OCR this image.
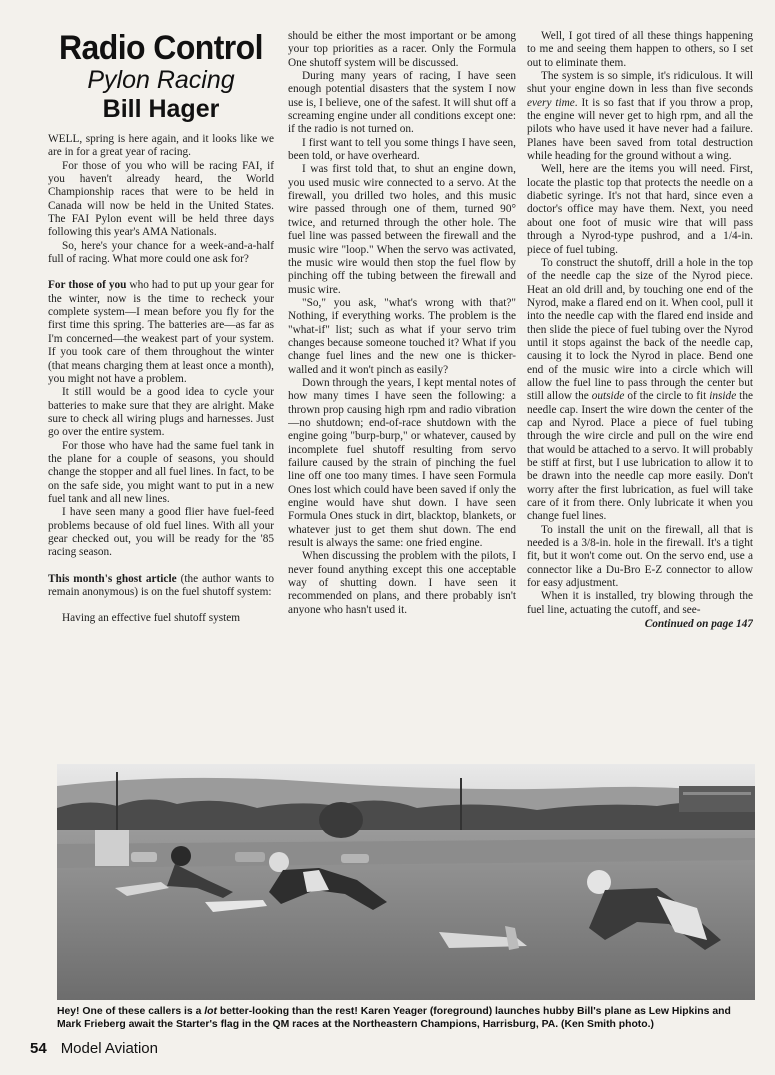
Radio Control
Pylon Racing
Bill Hager

WELL, spring is here again, and it looks like we are in for a great year of racing.

For those of you who will be racing FAI, if you haven't already heard, the World Championship races that were to be held in Canada will now be held in the United States. The FAI Pylon event will be held three days following this year's AMA Nationals.

So, here's your chance for a week-and-a-half full of racing. What more could one ask for?

For those of you who had to put up your gear for the winter, now is the time to recheck your complete system—I mean before you fly for the first time this spring. The batteries are—as far as I'm concerned—the weakest part of your system. If you took care of them throughout the winter (that means charging them at least once a month), you might not have a problem.

It still would be a good idea to cycle your batteries to make sure that they are alright. Make sure to check all wiring plugs and harnesses. Just go over the entire system.

For those who have had the same fuel tank in the plane for a couple of seasons, you should change the stopper and all fuel lines. In fact, to be on the safe side, you might want to put in a new fuel tank and all new lines.

I have seen many a good flier have fuel-feed problems because of old fuel lines. With all your gear checked out, you will be ready for the '85 racing season.

This month's ghost article (the author wants to remain anonymous) is on the fuel shutoff system:

Having an effective fuel shutoff system

should be either the most important or be among your top priorities as a racer. Only the Formula One shutoff system will be discussed.

During many years of racing, I have seen enough potential disasters that the system I now use is, I believe, one of the safest. It will shut off a screaming engine under all conditions except one: if the radio is not turned on.

I first want to tell you some things I have seen, been told, or have overheard.

I was first told that, to shut an engine down, you used music wire connected to a servo. At the firewall, you drilled two holes, and this music wire passed through one of them, turned 90° twice, and returned through the other hole. The fuel line was passed between the firewall and the music wire "loop." When the servo was activated, the music wire would then stop the fuel flow by pinching off the tubing between the firewall and music wire.

"So," you ask, "what's wrong with that?" Nothing, if everything works. The problem is the "what-if" list; such as what if your servo trim changes because someone touched it? What if you change fuel lines and the new one is thicker-walled and it won't pinch as easily?

Down through the years, I kept mental notes of how many times I have seen the following: a thrown prop causing high rpm and radio vibration—no shutdown; end-of-race shutdown with the engine going "burp-burp," or whatever, caused by incomplete fuel shutoff resulting from servo failure caused by the strain of pinching the fuel line off one too many times. I have seen Formula Ones lost which could have been saved if only the engine would have shut down. I have seen Formula Ones stuck in dirt, blacktop, blankets, or whatever just to get them shut down. The end result is always the same: one fried engine.

When discussing the problem with the pilots, I never found anything except this one acceptable way of shutting down. I have seen it recommended on plans, and there probably isn't anyone who hasn't used it.

Well, I got tired of all these things happening to me and seeing them happen to others, so I set out to eliminate them.

The system is so simple, it's ridiculous. It will shut your engine down in less than five seconds every time. It is so fast that if you throw a prop, the engine will never get to high rpm, and all the pilots who have used it have never had a failure. Planes have been saved from total destruction while heading for the ground without a wing.

Well, here are the items you will need. First, locate the plastic top that protects the needle on a diabetic syringe. It's not that hard, since even a doctor's office may have them. Next, you need about one foot of music wire that will pass through a Nyrod-type pushrod, and a 1/4-in. piece of fuel tubing.

To construct the shutoff, drill a hole in the top of the needle cap the size of the Nyrod piece. Heat an old drill and, by touching one end of the Nyrod, make a flared end on it. When cool, pull it into the needle cap with the flared end inside and then slide the piece of fuel tubing over the Nyrod until it stops against the back of the needle cap, causing it to lock the Nyrod in place. Bend one end of the music wire into a circle which will allow the fuel line to pass through the center but still allow the outside of the circle to fit inside the needle cap. Insert the wire down the center of the cap and Nyrod. Place a piece of fuel tubing through the wire circle and pull on the wire end that would be attached to a servo. It will probably be stiff at first, but I use lubrication to allow it to be drawn into the needle cap more easily. Don't worry after the first lubrication, as fuel will take care of it from there. Only lubricate it when you change fuel lines.

To install the unit on the firewall, all that is needed is a 3/8-in. hole in the firewall. It's a tight fit, but it won't come out. On the servo end, use a connector like a Du-Bro E-Z connector to allow for easy adjustment.

When it is installed, try blowing through the fuel line, actuating the cutoff, and see-

Continued on page 147
Hey! One of these callers is a lot better-looking than the rest! Karen Yeager (foreground) launches hubby Bill's plane as Lew Hipkins and Mark Frieberg await the Starter's flag in the QM races at the Northeastern Champions, Harrisburg, PA. (Ken Smith photo.)
54 Model Aviation
